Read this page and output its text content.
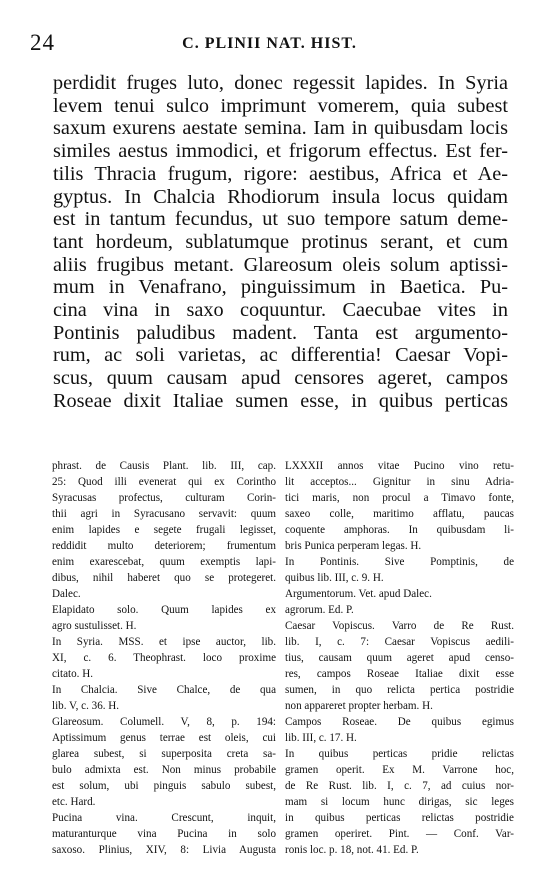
24	C. PLINII NAT. HIST.
perdidit fruges luto, donec regessit lapides. In Syria
levem tenui sulco imprimunt vomerem, quia subest
saxum exurens aestate semina. Iam in quibusdam locis
similes aestus immodici, et frigorum effectus. Est fer-
tilis Thracia frugum, rigore: aestibus, Africa et Ae-
gyptus. In Chalcia Rhodiorum insula locus quidam
est in tantum fecundus, ut suo tempore satum deme-
tant hordeum, sublatumque protinus serant, et cum
aliis frugibus metant. Glareosum oleis solum aptissi-
mum in Venafrano, pinguissimum in Baetica. Pu-
cina vina in saxo coquuntur. Caecubae vites in
Pontinis paludibus madent. Tanta est argumento-
rum, ac soli varietas, ac differentia! Caesar Vopi-
scus, quum causam apud censores ageret, campos
Roseae dixit Italiae sumen esse, in quibus perticas
phrast. de Causis Plant. lib. III, cap.
25: Quod illi evenerat qui ex Corintho
Syracusas profectus, culturam Corin-
thii agri in Syracusano servavit: quum
enim lapides e segete frugali legisset,
reddidit multo deteriorem; frumentum
enim exarescebat, quum exemptis lapi-
dibus, nihil haberet quo se protegeret.
Dalec.
Elapidato solo. Quum lapides ex
agro sustulisset. H.
In Syria. MSS. et ipse auctor, lib.
XI, c. 6. Theophrast. loco proxime
citato. H.
In Chalcia. Sive Chalce, de qua
lib. V, c. 36. H.
Glareosum. Columell. V, 8, p. 194:
Aptissimum genus terrae est oleis, cui
glarea subest, si superposita creta sa-
bulo admixta est. Non minus probabile
est solum, ubi pinguis sabulo subest,
etc. Hard.
Pucina vina. Crescunt, inquit,
maturanturque vina Pucina in solo
saxoso. Plinius, XIV, 8: Livia Augusta
LXXXII annos vitae Pucino vino retu-
lit acceptos... Gignitur in sinu Adria-
tici maris, non procul a Timavo fonte,
saxeo colle, maritimo afflatu, paucas
coquente amphoras. In quibusdam li-
bris Punica perperam legas. H.
In Pontinis. Sive Pomptinis, de
quibus lib. III, c. 9. H.
Argumentorum. Vet. apud Dalec.
agrorum. Ed. P.
Caesar Vopiscus. Varro de Re Rust.
lib. I, c. 7: Caesar Vopiscus aedili-
tius, causam quum ageret apud censo-
res, campos Roseae Italiae dixit esse
sumen, in quo relicta pertica postridie
non appareret propter herbam. H.
Campos Roseae. De quibus egimus
lib. III, c. 17. H.
In quibus perticas pridie relictas
gramen operit. Ex M. Varrone hoc,
de Re Rust. lib. I, c. 7, ad cuius nor-
mam si locum hunc dirigas, sic leges
in quibus perticas relictas postridie
gramen operiret. Pint. — Conf. Var-
ronis loc. p. 18, not. 41. Ed. P.
